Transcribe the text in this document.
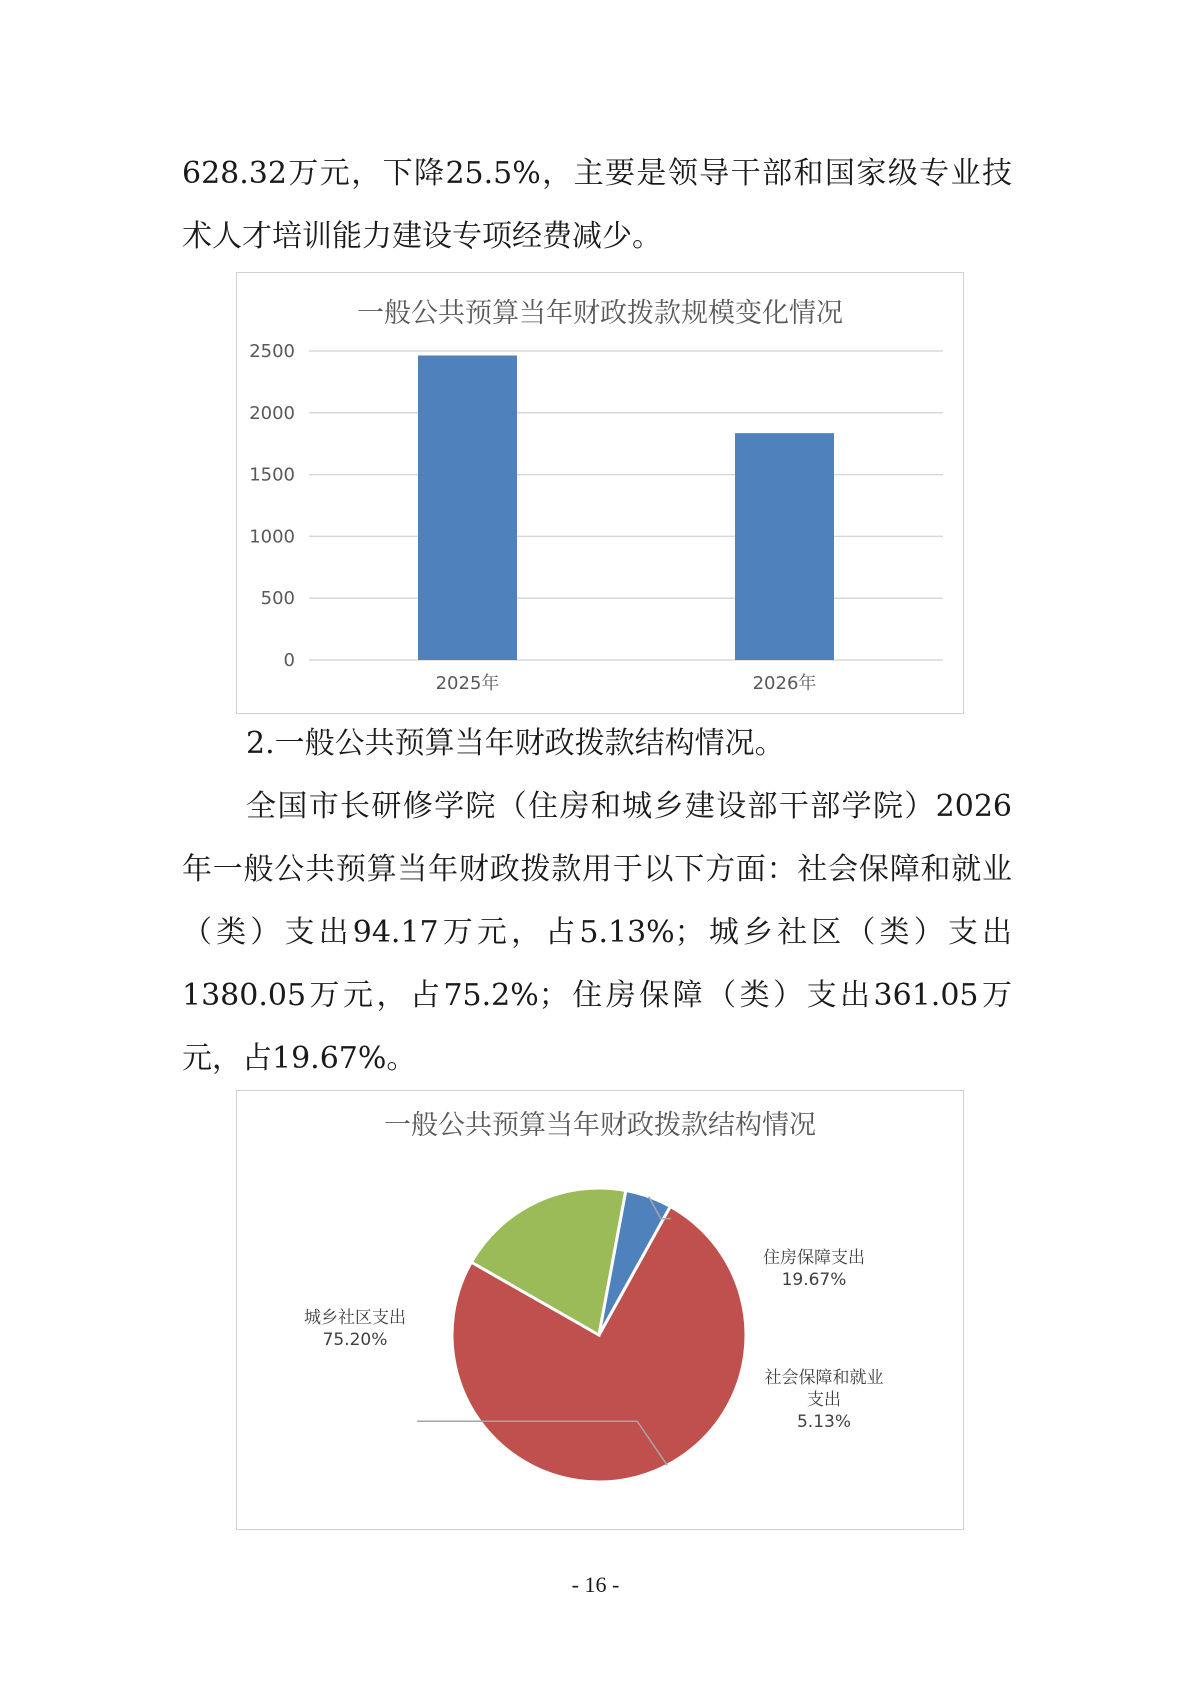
628.32万元，下降25.5%，主要是领导干部和国家级专业技术人才培训能力建设专项经费减少。

一般公共预算当年财政拨款规模变化情况
0
500
1000
1500
2000
2500
2025年	2026年

2.一般公共预算当年财政拨款结构情况。

全国市长研修学院（住房和城乡建设部干部学院）2026年一般公共预算当年财政拨款用于以下方面：社会保障和就业（类）支出94.17万元，占5.13%；城乡社区（类）支出1380.05万元，占75.2%；住房保障（类）支出361.05万元，占19.67%。

一般公共预算当年财政拨款结构情况
城乡社区支出
75.20%
住房保障支出
19.67%
社会保障和就业
支出
5.13%
- 16 -
